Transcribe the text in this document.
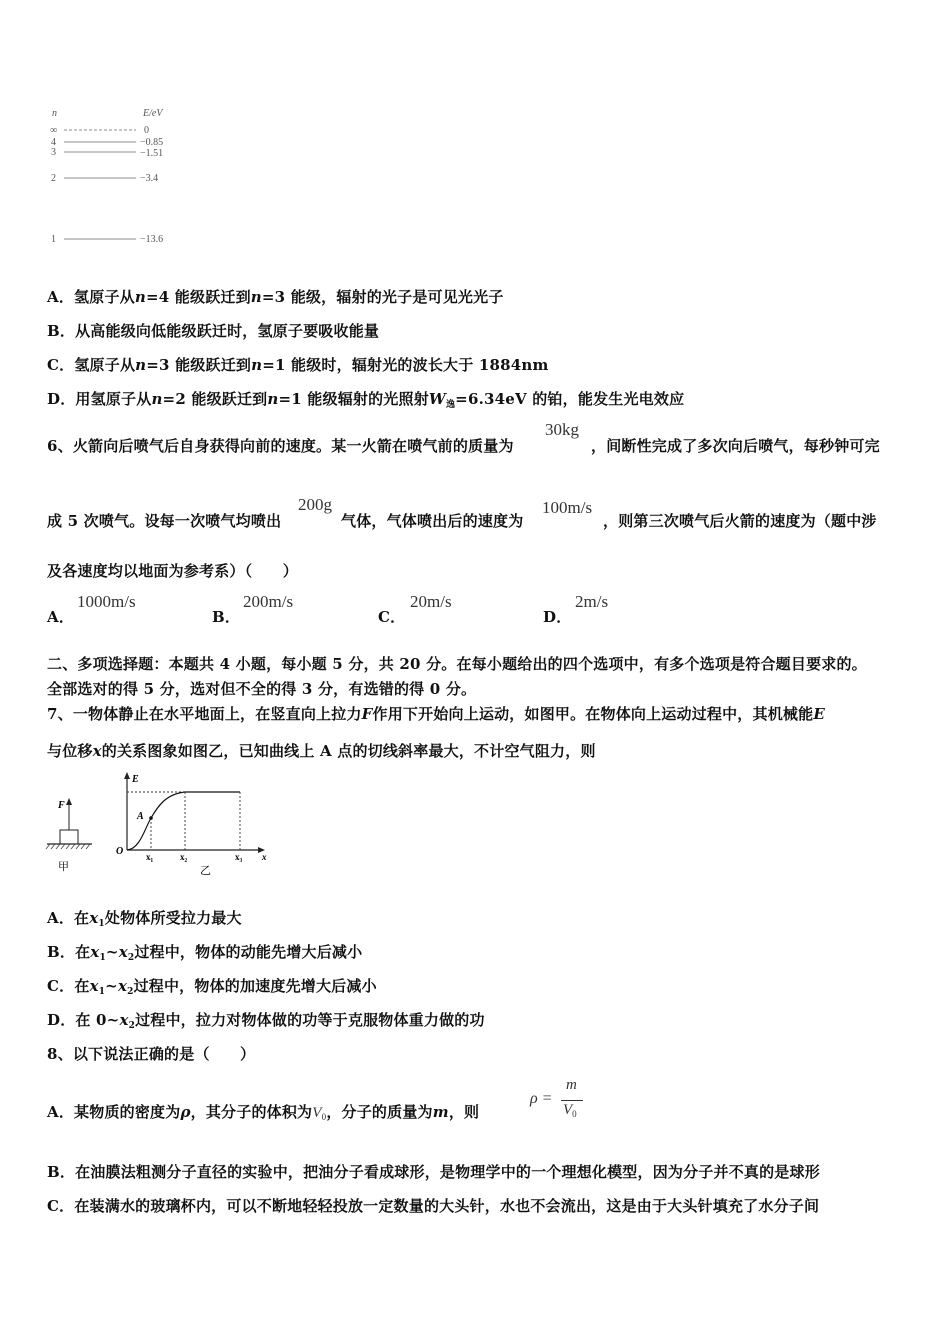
n	E/eV
∞	0
4	−0.85
3	−1.51
2	−3.4
1	−13.6
A．氢原子从n=4 能级跃迁到n=3 能级，辐射的光子是可见光光子
B．从高能级向低能级跃迁时，氢原子要吸收能量
C．氢原子从n=3 能级跃迁到n=1 能级时，辐射光的波长大于 1884nm
D．用氢原子从n=2 能级跃迁到n=1 能级辐射的光照射$W_逸=6.34eV$ 的铂，能发生光电效应
6、火箭向后喷气后自身获得向前的速度。某一火箭在喷气前的质量为
30kg
，间断性完成了多次向后喷气，每秒钟可完
成 5 次喷气。设每一次喷气均喷出
200g
气体，气体喷出后的速度为
100m/s
，则第三次喷气后火箭的速度为（题中涉
及各速度均以地面为参考系）（　　）
A．
1000m/s
B．
200m/s
C．
20m/s
D．
2m/s
二、多项选择题：本题共 4 小题，每小题 5 分，共 20 分。在每小题给出的四个选项中，有多个选项是符合题目要求的。
全部选对的得 5 分，选对但不全的得 3 分，有选错的得 0 分。
7、一物体静止在水平地面上，在竖直向上拉力F作用下开始向上运动，如图甲。在物体向上运动过程中，其机械能E
与位移x的关系图象如图乙，已知曲线上 A 点的切线斜率最大，不计空气阻力，则
F
甲
E
x
O
A
x₁	x₂	x₃
乙
A．在$x_1$处物体所受拉力最大
B．在$x_1\sim x_2$过程中，物体的动能先增大后减小
C．在$x_1\sim x_2$过程中，物体的加速度先增大后减小
D．在 $0\sim x_2$过程中，拉力对物体做的功等于克服物体重力做的功
8、以下说法正确的是（　　）
A．某物质的密度为ρ，其分子的体积为$V_0$，分子的质量为m，则
ρ =
m
$V_0$
B．在油膜法粗测分子直径的实验中，把油分子看成球形，是物理学中的一个理想化模型，因为分子并不真的是球形
C．在装满水的玻璃杯内，可以不断地轻轻投放一定数量的大头针，水也不会流出，这是由于大头针填充了水分子间
